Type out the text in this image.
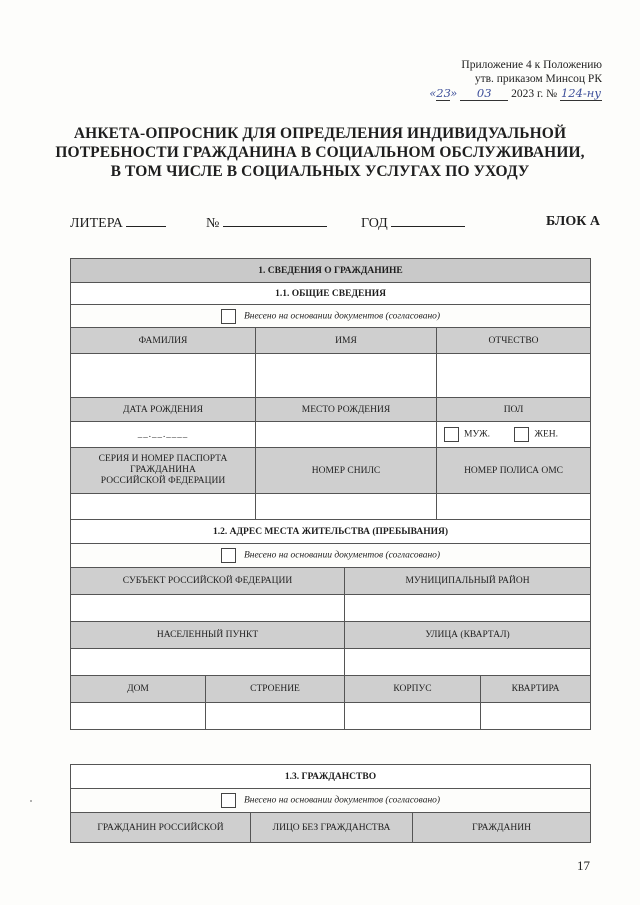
Приложение 4 к Положению
утв. приказом Минсоц РК
«23» 03 2023 г. № 124-ну
АНКЕТА-ОПРОСНИК ДЛЯ ОПРЕДЕЛЕНИЯ ИНДИВИДУАЛЬНОЙ
ПОТРЕБНОСТИ ГРАЖДАНИНА В СОЦИАЛЬНОМ ОБСЛУЖИВАНИИ,
В ТОМ ЧИСЛЕ В СОЦИАЛЬНЫХ УСЛУГАХ ПО УХОДУ
ЛИТЕРА	№	ГОД	БЛОК А
1. СВЕДЕНИЯ О ГРАЖДАНИНЕ					
1.1. ОБЩИЕ СВЕДЕНИЯ					
Внесено на основании документов (согласовано)					
ФАМИЛИЯ		ИМЯ		ОТЧЕСТВО	

ДАТА РОЖДЕНИЯ		МЕСТО РОЖДЕНИЯ		ПОЛ	
__.__.____				МУЖ. ЖЕН.	

СЕРИЯ И НОМЕР ПАСПОРТА
ГРАЖДАНИНА
РОССИЙСКОЙ ФЕДЕРАЦИИ		НОМЕР СНИЛС		НОМЕР ПОЛИСА ОМС	

1.2. АДРЕС МЕСТА ЖИТЕЛЬСТВА (ПРЕБЫВАНИЯ)					
Внесено на основании документов (согласовано)					
СУБЪЕКТ РОССИЙСКОЙ ФЕДЕРАЦИИ			МУНИЦИПАЛЬНЫЙ РАЙОН		

НАСЕЛЕННЫЙ ПУНКТ			УЛИЦА (КВАРТАЛ)		

ДОМ	СТРОЕНИЕ		КОРПУС		КВАРТИРА

1.3. ГРАЖДАНСТВО
Внесено на основании документов (согласовано)
ГРАЖДАНИН РОССИЙСКОЙ	ЛИЦО БЕЗ ГРАЖДАНСТВА	ГРАЖДАНИН
17
